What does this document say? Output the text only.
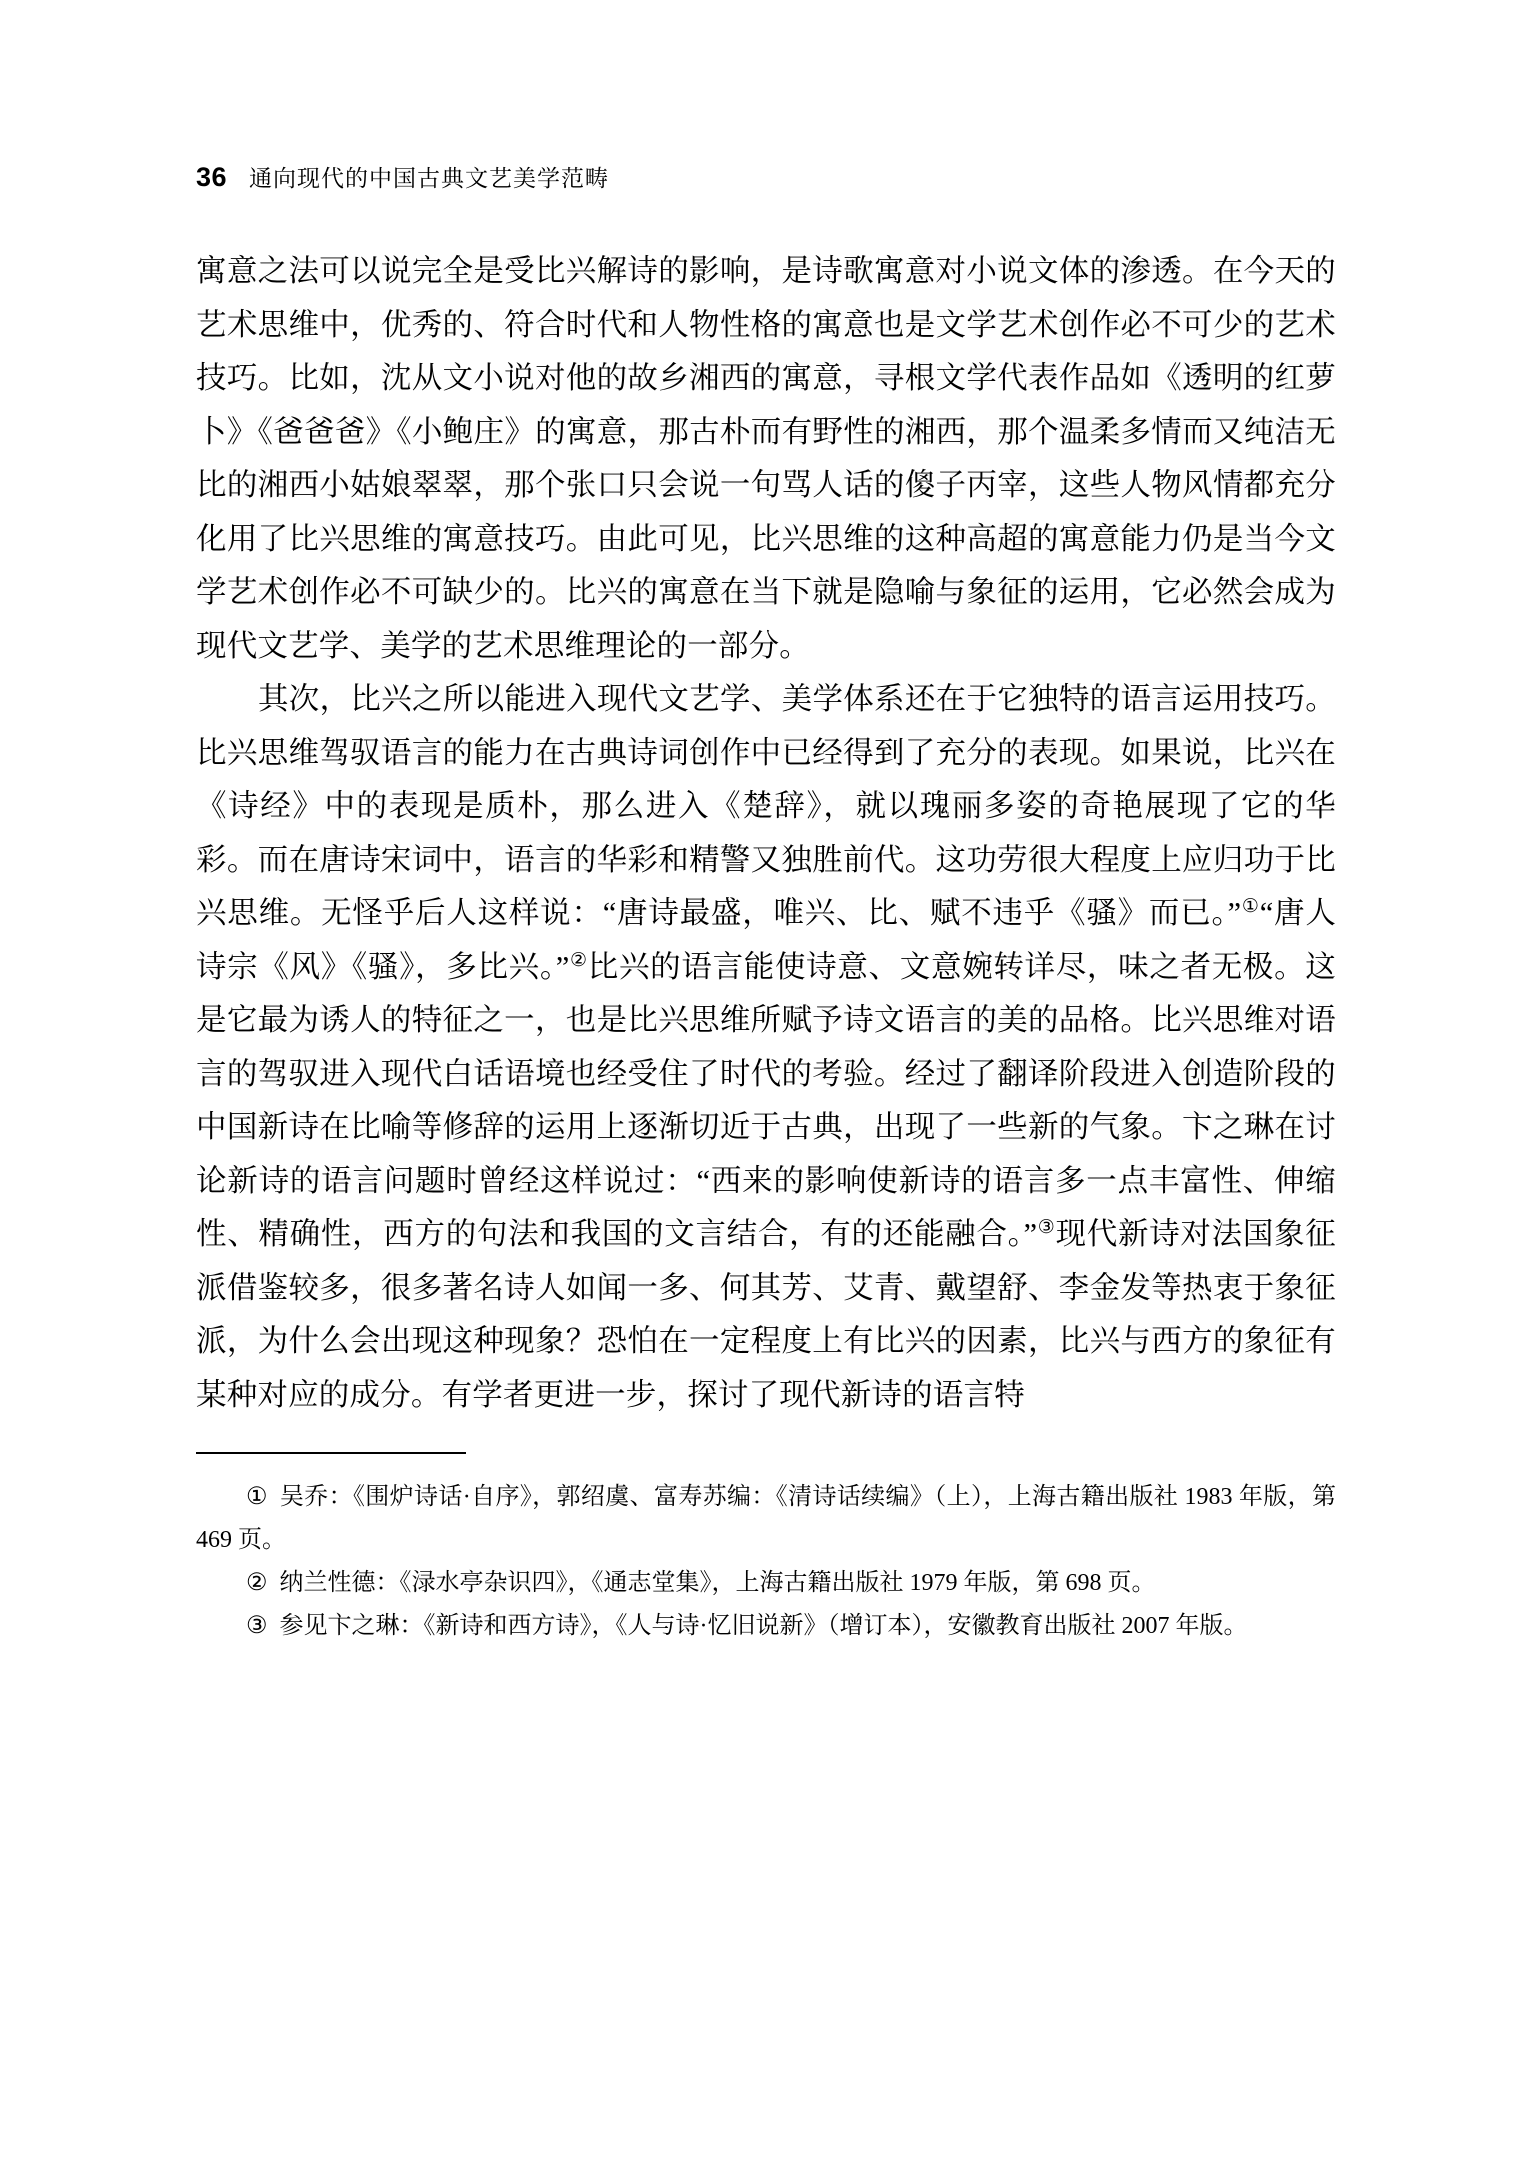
36 通向现代的中国古典文艺美学范畴

寓意之法可以说完全是受比兴解诗的影响，是诗歌寓意对小说文体的渗透。在今天的艺术思维中，优秀的、符合时代和人物性格的寓意也是文学艺术创作必不可少的艺术技巧。比如，沈从文小说对他的故乡湘西的寓意，寻根文学代表作品如《透明的红萝卜》《爸爸爸》《小鲍庄》的寓意，那古朴而有野性的湘西，那个温柔多情而又纯洁无比的湘西小姑娘翠翠，那个张口只会说一句骂人话的傻子丙宰，这些人物风情都充分化用了比兴思维的寓意技巧。由此可见，比兴思维的这种高超的寓意能力仍是当今文学艺术创作必不可缺少的。比兴的寓意在当下就是隐喻与象征的运用，它必然会成为现代文艺学、美学的艺术思维理论的一部分。

其次，比兴之所以能进入现代文艺学、美学体系还在于它独特的语言运用技巧。比兴思维驾驭语言的能力在古典诗词创作中已经得到了充分的表现。如果说，比兴在《诗经》中的表现是质朴，那么进入《楚辞》，就以瑰丽多姿的奇艳展现了它的华彩。而在唐诗宋词中，语言的华彩和精警又独胜前代。这功劳很大程度上应归功于比兴思维。无怪乎后人这样说：“唐诗最盛，唯兴、比、赋不违乎《骚》而已。”①“唐人诗宗《风》《骚》，多比兴。”②比兴的语言能使诗意、文意婉转详尽，味之者无极。这是它最为诱人的特征之一，也是比兴思维所赋予诗文语言的美的品格。比兴思维对语言的驾驭进入现代白话语境也经受住了时代的考验。经过了翻译阶段进入创造阶段的中国新诗在比喻等修辞的运用上逐渐切近于古典，出现了一些新的气象。卞之琳在讨论新诗的语言问题时曾经这样说过：“西来的影响使新诗的语言多一点丰富性、伸缩性、精确性，西方的句法和我国的文言结合，有的还能融合。”③现代新诗对法国象征派借鉴较多，很多著名诗人如闻一多、何其芳、艾青、戴望舒、李金发等热衷于象征派，为什么会出现这种现象？恐怕在一定程度上有比兴的因素，比兴与西方的象征有某种对应的成分。有学者更进一步，探讨了现代新诗的语言特

① 吴乔：《围炉诗话·自序》，郭绍虞、富寿苏编：《清诗话续编》（上），上海古籍出版社 1983 年版，第 469 页。

② 纳兰性德：《渌水亭杂识四》，《通志堂集》，上海古籍出版社 1979 年版，第 698 页。

③ 参见卞之琳：《新诗和西方诗》，《人与诗·忆旧说新》（增订本），安徽教育出版社 2007 年版。
